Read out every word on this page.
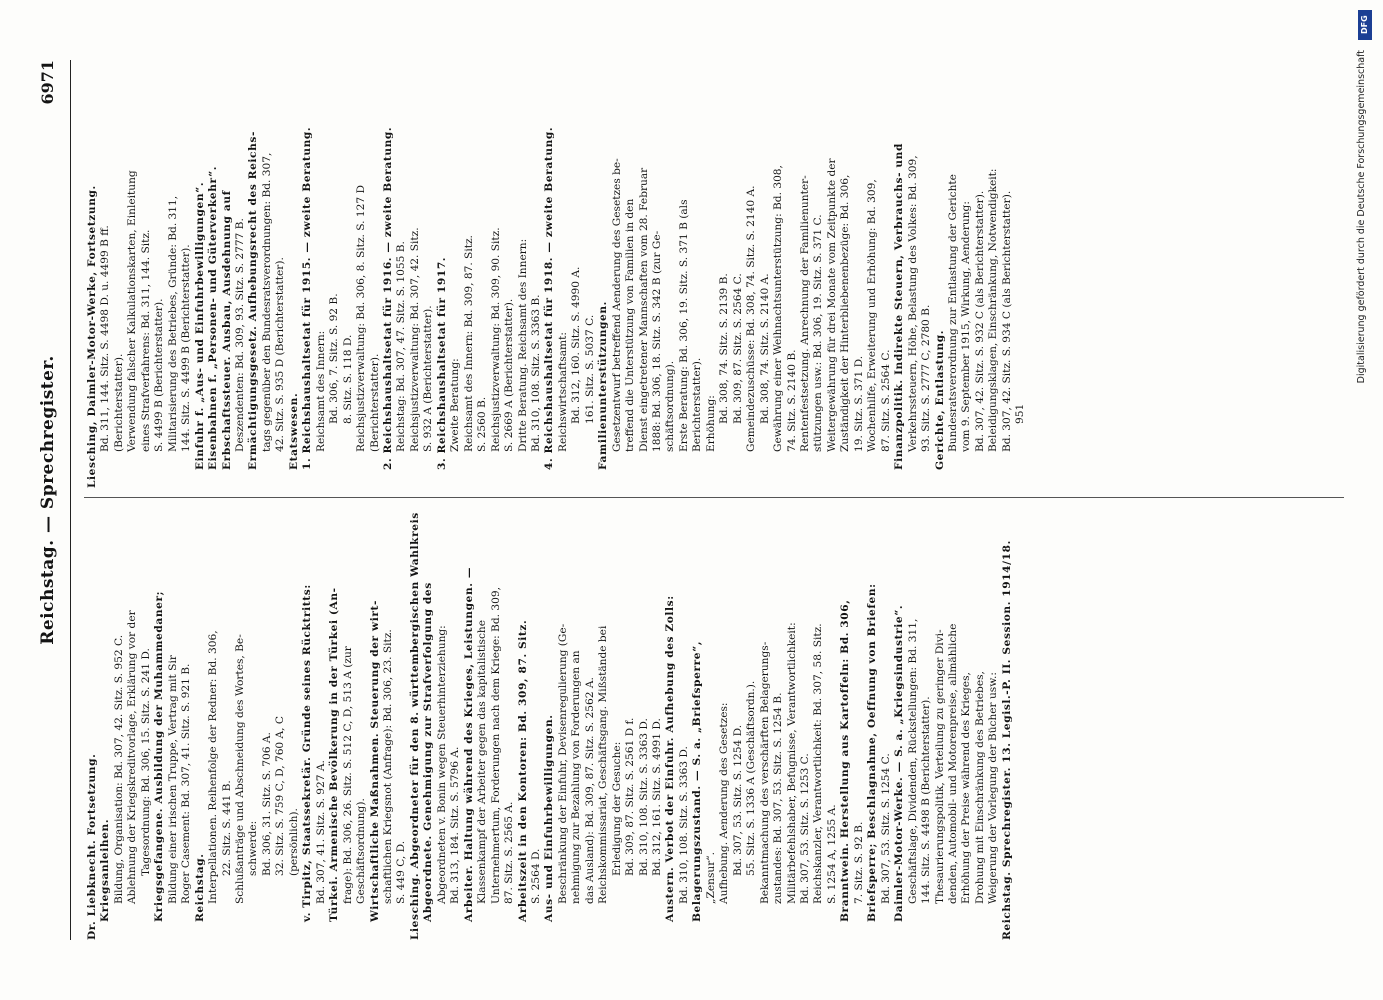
Reichstag. — Sprechregister.
6971
Dr. Liebknecht. Fortsetzung. Kriegsanleihen. Bildung, Organisation: Bd. 307, 42. Sitz. S. 952 C. Ablehnung der Kriegskreditvorlage, Erklärung vor der Tagesordnung: Bd. 306, 15. Sitz. S. 241 D. Kriegsgefangene. Ausbildung der Muhammedaner; Bildung einer irischen Truppe, Vertrag mit Sir Roger Casement: Bd. 307, 41. Sitz. S. 921 B. Reichstag. Interpellationen. Reihenfolge der Redner: Bd. 306, 22. Sitz. S. 441 B. Schlußanträge und Abschneidung des Wortes, Be- schwerde: Bd. 306, 31. Sitz. S. 706 A. 32. Sitz. S. 759 C, D, 760 A, C (persönlich). v. Tirpitz, Staatssekretär. Gründe seines Rücktritts: Bd. 307, 41. Sitz. S. 927 A. Türkei. Armenische Bevölkerung in der Türkei (An- frage): Bd. 306, 26. Sitz. S. 512 C, D, 513 A (zur Geschäftsordnung). Wirtschaftliche Maßnahmen. Steuerung der wirt- schaftlichen Kriegsnot (Anfrage): Bd. 306, 23. Sitz. S. 449 C, D. Liesching. Abgeordneter für den 8. württembergischen Wahlkreis Abgeordnete. Genehmigung zur Strafverfolgung des Abgeordneten v. Bonin wegen Steuerhinterziehung: Bd. 313, 184. Sitz. S. 5796 A. Arbeiter. Haltung während des Krieges, Leistungen. — Klassenkampf der Arbeiter gegen das kapitalistische Unternehmertum, Forderungen nach dem Kriege: Bd. 309, 87. Sitz. S. 2565 A. Arbeitszeit in den Kontoren: Bd. 309, 87. Sitz. S. 2564 D. Aus- und Einfuhrbewilligungen. Beschränkung der Einfuhr, Devisenregulierung (Ge- nehmigung zur Bezahlung von Forderungen an das Ausland): Bd. 309, 87. Sitz. S. 2562 A. Reichskommissariat, Geschäftsgang. Mißstände bei Erledigung der Gesuche: Bd. 309, 87. Sitz. S. 2561 D f. Bd. 310, 108. Sitz. S. 3363 D. Bd. 312, 161. Sitz. S. 4991 D. Austern. Verbot der Einfuhr. Aufhebung des Zolls: Bd. 310, 108. Sitz. S. 3363 D. Belagerungszustand. — S. a. „Briefsperre“, „Zensur“. Aufhebung. Aenderung des Gesetzes: Bd. 307, 53. Sitz. S. 1254 D. 55. Sitz. S. 1336 A (Geschäftsordn.). Bekanntmachung des verschärften Belagerungs- zustandes: Bd. 307, 53. Sitz. S. 1254 B. Militärbefehlshaber, Befugnisse, Verantwortlichkeit: Bd. 307, 53. Sitz. S. 1253 C. Reichskanzler, Verantwortlichkeit: Bd. 307, 58. Sitz. S. 1254 A, 1255 A. Branntwein. Herstellung aus Kartoffeln: Bd. 306, 7. Sitz. S. 92 B. Briefsperre; Beschlagnahme, Oeffnung von Briefen: Bd. 307, 53. Sitz. S. 1254 C. Daimler-Motor-Werke. — S. a. „Kriegsindustrie“. Geschäftslage, Dividenden, Rückstellungen: Bd. 311, 144. Sitz. S. 4498 B (Berichterstatter). Thesaurierungspolitik, Verteilung zu geringer Divi- denden, Automobil- und Motorenpreise, allmähliche Erhöhung der Preise während des Krieges, Drohung mit Einschränkung des Betriebes, Weigerung der Vorlegung der Bücher usw.: Reichstag. Sprechregister. 13. Legisl.-P. II. Session. 1914/18.
Liesching, Daimler-Motor-Werke, Fortsetzung. Bd. 311, 144. Sitz. S. 4498 D. u. 4499 B ff. (Berichterstatter). Verwendung falscher Kalkulationskarten, Einleitung eines Strafverfahrens: Bd. 311, 144. Sitz. S. 4499 B (Berichterstatter). Militarisierung des Betriebes, Gründe: Bd. 311, 144. Sitz. S. 4499 B (Berichterstatter). Einfuhr f. „Aus- und Einfuhrbewilligungen“. Eisenbahnen f. „Personen- und Güterverkehr“. Erbschaftssteuer. Ausbau, Ausdehnung auf Deszendenten: Bd. 309, 93. Sitz. S. 2777 B. Ermächtigungsgesetz. Aufhebungsrecht des Reichs- tags gegenüber den Bundesratsverordnungen: Bd. 307, 42. Sitz. S. 935 D (Berichterstatter). Etatswesen. 1. Reichshaushaltsetat für 1915. — zweite Beratung. Reichsamt des Innern: Bd. 306, 7. Sitz. S. 92 B. 8. Sitz. S. 118 D. Reichsjustizverwaltung: Bd. 306, 8. Sitz. S. 127 D (Berichterstatter). 2. Reichshaushaltsetat für 1916. — zweite Beratung. Reichstag: Bd. 307, 47. Sitz. S. 1055 B. Reichsjustizverwaltung: Bd. 307, 42. Sitz. S. 932 A (Berichterstatter). 3. Reichshaushaltsetat für 1917. Zweite Beratung: Reichsamt des Innern: Bd. 309, 87. Sitz. S. 2560 B. Reichsjustizverwaltung: Bd. 309, 90. Sitz. S. 2669 A (Berichterstatter). Dritte Beratung. Reichsamt des Innern: Bd. 310, 108. Sitz. S. 3363 B. 4. Reichshaushaltsetat für 1918. — zweite Beratung. Reichswirtschaftsamt: Bd. 312, 160. Sitz. S. 4990 A. 161. Sitz. S. 5037 C. Familienunterstützungen. Gesetzentwurf betreffend Aenderung des Gesetzes be- treffend die Unterstützung von Familien in den Dienst eingetretener Mannschaften vom 28. Februar 1888: Bd. 306, 18. Sitz. S. 342 B (zur Ge- schäftsordnung). Erste Beratung: Bd. 306, 19. Sitz. S. 371 B (als Berichterstatter). Erhöhung: Bd. 308, 74. Sitz. S. 2139 B. Bd. 309, 87. Sitz. S. 2564 C. Gemeindezuschüsse: Bd. 308, 74. Sitz. S. 2140 A. Bd. 308, 74. Sitz. S. 2140 A. Gewährung einer Weihnachtsunterstützung: Bd. 308, 74. Sitz. S. 2140 B. Rentenfestsetzung. Anrechnung der Familienunter- stützungen usw.: Bd. 306, 19. Sitz. S. 371 C. Weitergewährung für drei Monate vom Zeitpunkte der Zuständigkeit der Hinterbliebenenbezüge: Bd. 306, 19. Sitz. S. 371 D. Wochenhilfe, Erweiterung und Erhöhung: Bd. 309, 87. Sitz. S. 2564 C. Finanzpolitik. Indirekte Steuern, Verbrauchs- und Verkehrssteuern, Höhe, Belastung des Volkes: Bd. 309, 93. Sitz. S. 2777 C, 2780 B. Gerichte, Entlastung. Bundesratsverordnung zur Entlastung der Gerichte vom 9. September 1915, Wirkung, Aenderung: Bd. 307, 42. Sitz. S. 932 C (als Berichterstatter). Beleidigungsklagen, Einschränkung, Notwendigkeit: Bd. 307, 42. Sitz. S. 934 C (als Berichterstatter). 951
Digitalisierung gefördert durch die Deutsche Forschungsgemeinschaft
DFG
